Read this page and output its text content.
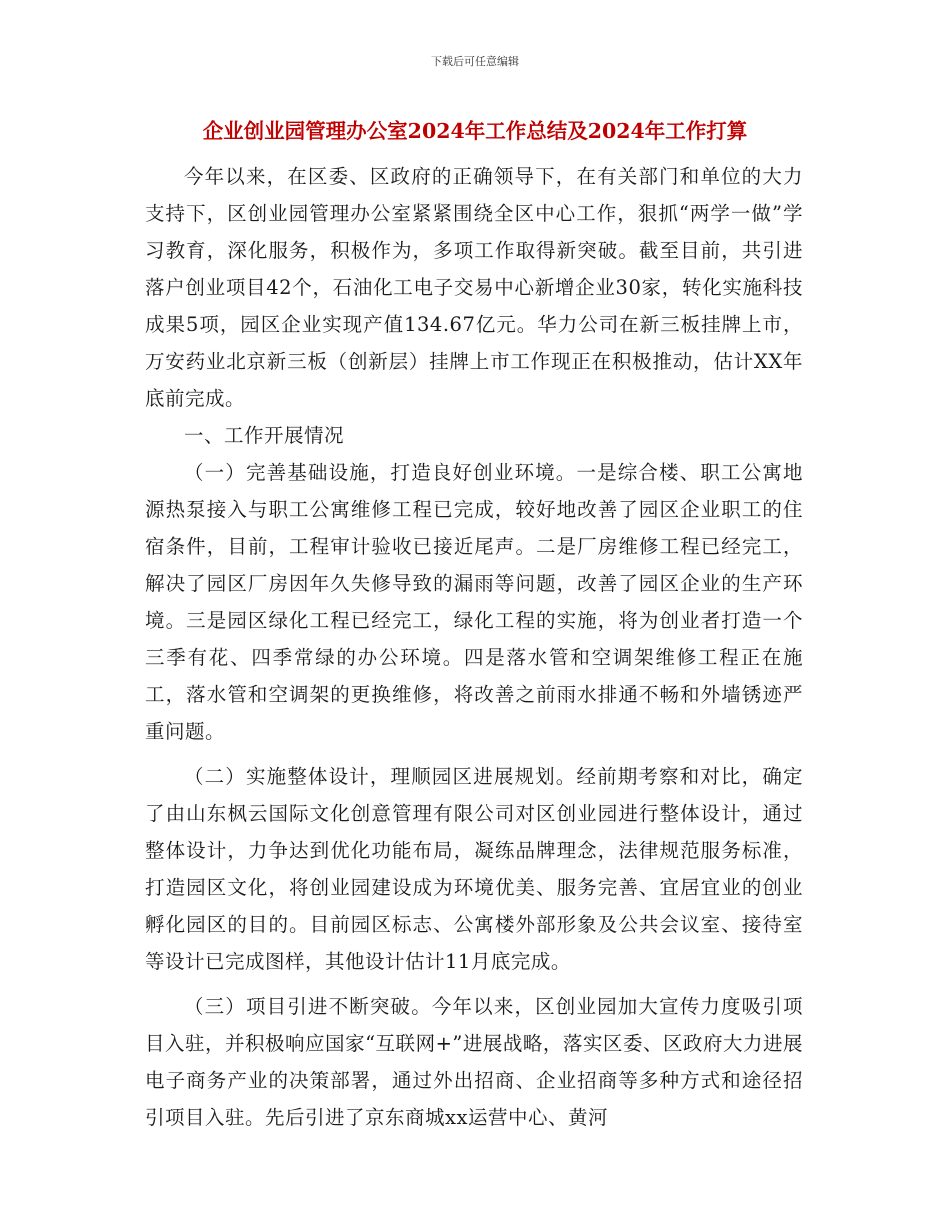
下载后可任意编辑
企业创业园管理办公室2024年工作总结及2024年工作打算

今年以来，在区委、区政府的正确领导下，在有关部门和单位的大力支持下，区创业园管理办公室紧紧围绕全区中心工作，狠抓“两学一做”学习教育，深化服务，积极作为，多项工作取得新突破。截至目前，共引进落户创业项目42个，石油化工电子交易中心新增企业30家，转化实施科技成果5项，园区企业实现产值134.67亿元。华力公司在新三板挂牌上市，万安药业北京新三板（创新层）挂牌上市工作现正在积极推动，估计XX年底前完成。

一、工作开展情况

（一）完善基础设施，打造良好创业环境。一是综合楼、职工公寓地源热泵接入与职工公寓维修工程已完成，较好地改善了园区企业职工的住宿条件，目前，工程审计验收已接近尾声。二是厂房维修工程已经完工，解决了园区厂房因年久失修导致的漏雨等问题，改善了园区企业的生产环境。三是园区绿化工程已经完工，绿化工程的实施，将为创业者打造一个三季有花、四季常绿的办公环境。四是落水管和空调架维修工程正在施工，落水管和空调架的更换维修，将改善之前雨水排通不畅和外墙锈迹严重问题。

（二）实施整体设计，理顺园区进展规划。经前期考察和对比，确定了由山东枫云国际文化创意管理有限公司对区创业园进行整体设计，通过整体设计，力争达到优化功能布局，凝练品牌理念，法律规范服务标准，打造园区文化，将创业园建设成为环境优美、服务完善、宜居宜业的创业孵化园区的目的。目前园区标志、公寓楼外部形象及公共会议室、接待室等设计已完成图样，其他设计估计11月底完成。

（三）项目引进不断突破。今年以来，区创业园加大宣传力度吸引项目入驻，并积极响应国家“互联网+”进展战略，落实区委、区政府大力进展电子商务产业的决策部署，通过外出招商、企业招商等多种方式和途径招引项目入驻。先后引进了京东商城xx运营中心、黄河
